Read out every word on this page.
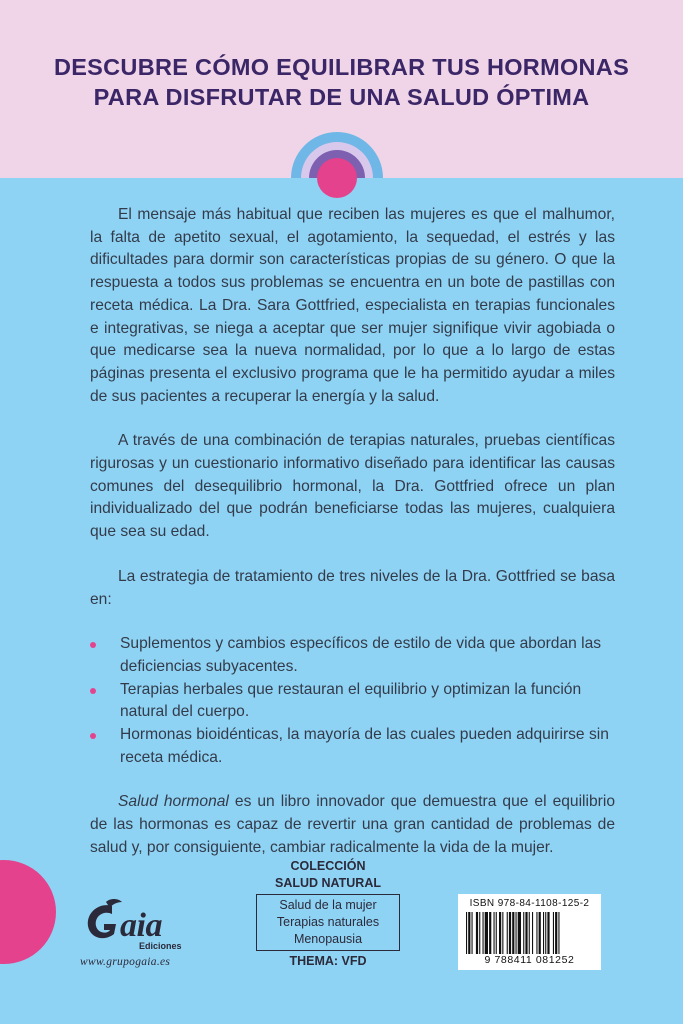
DESCUBRE CÓMO EQUILIBRAR TUS HORMONAS
PARA DISFRUTAR DE UNA SALUD ÓPTIMA

El mensaje más habitual que reciben las mujeres es que el malhumor, la falta de apetito sexual, el agotamiento, la sequedad, el estrés y las dificultades para dormir son características propias de su género. O que la respuesta a todos sus problemas se encuentra en un bote de pastillas con receta médica. La Dra. Sara Gottfried, especialista en terapias funcionales e integrativas, se niega a aceptar que ser mujer signifique vivir agobiada o que medicarse sea la nueva normalidad, por lo que a lo largo de estas páginas presenta el exclusivo programa que le ha permitido ayudar a miles de sus pacientes a recuperar la energía y la salud.

A través de una combinación de terapias naturales, pruebas científicas rigurosas y un cuestionario informativo diseñado para identificar las causas comunes del desequilibrio hormonal, la Dra. Gottfried ofrece un plan individualizado del que podrán beneficiarse todas las mujeres, cualquiera que sea su edad.

La estrategia de tratamiento de tres niveles de la Dra. Gottfried se basa en:

Suplementos y cambios específicos de estilo de vida que abordan las deficiencias subyacentes.
Terapias herbales que restauran el equilibrio y optimizan la función natural del cuerpo.
Hormonas bioidénticas, la mayoría de las cuales pueden adquirirse sin receta médica.

Salud hormonal es un libro innovador que demuestra que el equilibrio de las hormonas es capaz de revertir una gran cantidad de problemas de salud y, por consiguiente, cambiar radicalmente la vida de la mujer.

aia
Ediciones
www.grupogaia.es
COLECCIÓN
SALUD NATURAL
Salud de la mujer
Terapias naturales
Menopausia
THEMA: VFD
ISBN 978-84-1108-125-2
9 788411 081252
